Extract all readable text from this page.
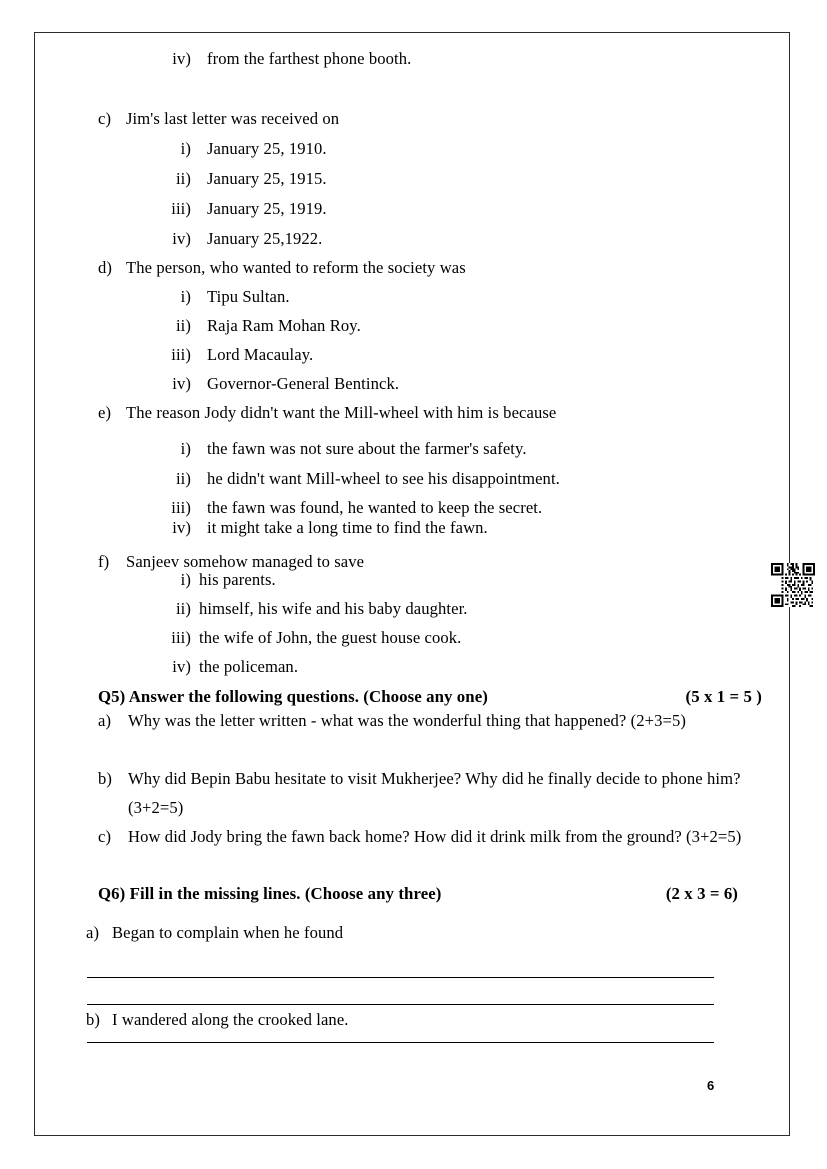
iv) from the farthest phone booth.
c) Jim's last letter was received on
i) January 25, 1910.
ii) January 25, 1915.
iii) January 25, 1919.
iv) January 25,1922.
d) The person, who wanted to reform the society was
i) Tipu Sultan.
ii) Raja Ram Mohan Roy.
iii) Lord Macaulay.
iv) Governor-General Bentinck.
e) The reason Jody didn't want the Mill-wheel with him is because
i) the fawn was not sure about the farmer's safety.
ii) he didn't want Mill-wheel to see his disappointment.
iii) the fawn was found, he wanted to keep the secret.
iv) it might take a long time to find the fawn.
f)	Sanjeev somehow managed to save
i) his parents.
ii) himself, his wife and his baby daughter.
iii) the wife of John, the guest house cook.
iv) the policeman.
Q5) Answer the following questions. (Choose any one)	(5 x 1 = 5 )
a)	Why was the letter written - what was the wonderful thing that happened? (2+3=5)
b) Why did Bepin Babu hesitate to visit Mukherjee? Why did he finally decide to phone him? (3+2=5)
c)	How did Jody bring the fawn back home? How did it drink milk from the ground? (3+2=5)
Q6) Fill in the missing lines. (Choose any three)	(2 x 3 = 6)
a) Began to complain when he found
b) I wandered along the crooked lane.
6
